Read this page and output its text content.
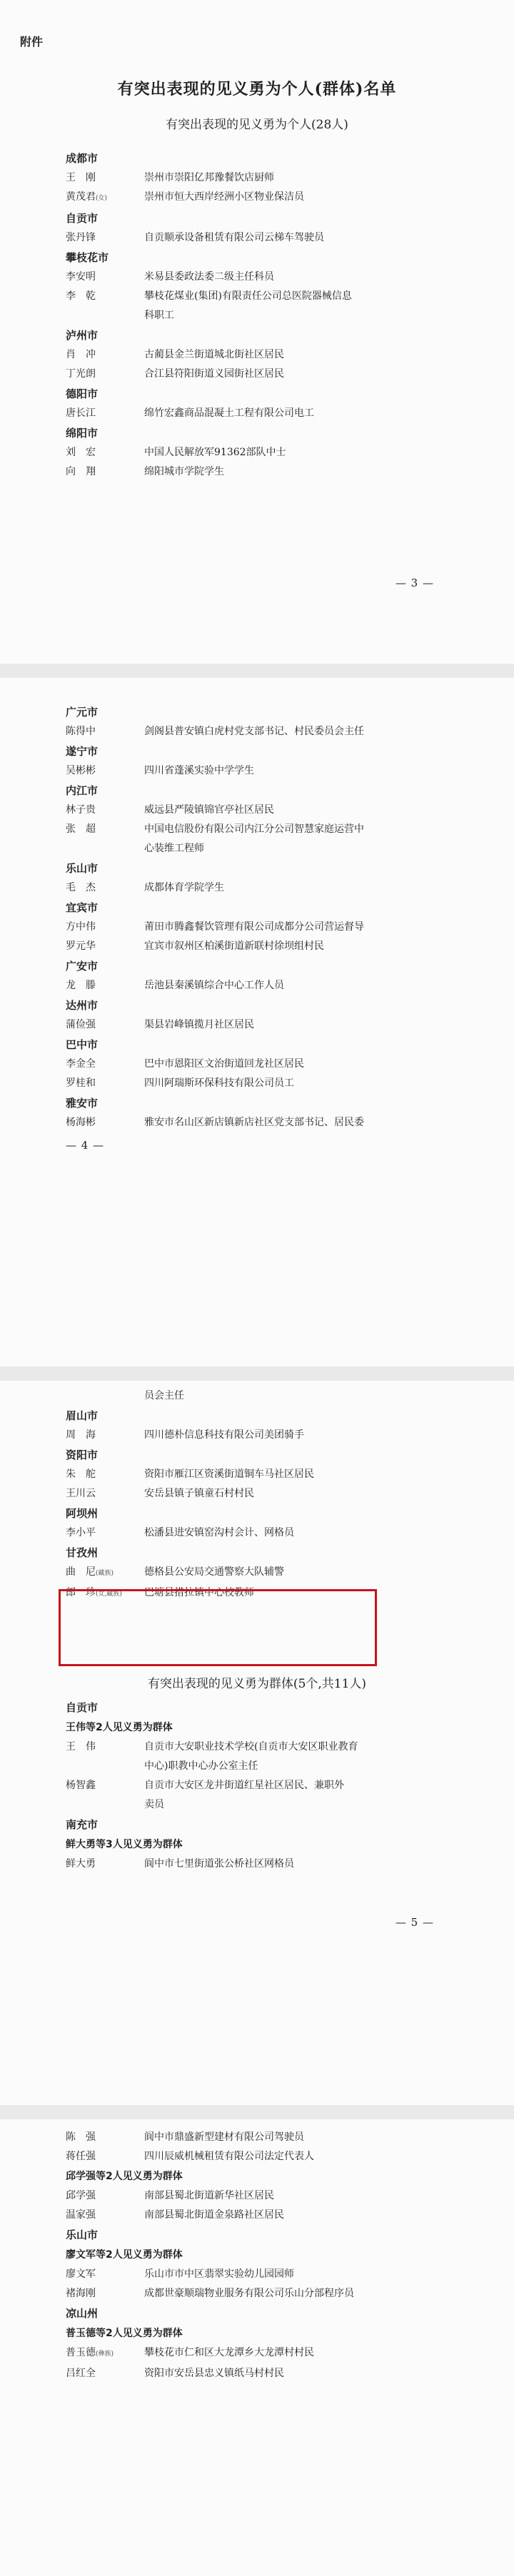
附件
有突出表现的见义勇为个人(群体)名单
有突出表现的见义勇为个人(28人)
成都市
王　刚	崇州市崇阳亿邦豫餐饮店厨师
黄茂君(女)	崇州市恒大西岸经洲小区物业保洁员
自贡市
张丹锋	自贡顺承设备租赁有限公司云梯车驾驶员
攀枝花市
李安明	米易县委政法委二级主任科员
李　乾	攀枝花煤业(集团)有限责任公司总医院器械信息
科职工
泸州市
肖　冲	古蔺县金兰街道城北街社区居民
丁光朗	合江县符阳街道义园街社区居民
德阳市
唐长江	绵竹宏鑫商品混凝土工程有限公司电工
绵阳市
刘　宏	中国人民解放军91362部队中士
向　翔	绵阳城市学院学生
— 3 —
广元市
陈得中	剑阁县普安镇白虎村党支部书记、村民委员会主任
遂宁市
吴彬彬	四川省蓬溪实验中学学生
内江市
林子贵	威远县严陵镇锦官亭社区居民
张　超	中国电信股份有限公司内江分公司智慧家庭运营中
心装维工程师
乐山市
毛　杰	成都体育学院学生
宜宾市
方中伟	莆田市腾鑫餐饮管理有限公司成都分公司营运督导
罗元华	宜宾市叙州区柏溪街道新联村徐坝组村民
广安市
龙　滕	岳池县秦溪镇综合中心工作人员
达州市
蒲俭强	渠县岩峰镇揽月社区居民
巴中市
李金全	巴中市恩阳区文治街道回龙社区居民
罗桂和	四川阿瑞斯环保科技有限公司员工
雅安市
杨海彬	雅安市名山区新店镇新店社区党支部书记、居民委
— 4 —
员会主任
眉山市
周　海	四川德朴信息科技有限公司美团骑手
资阳市
朱　舵	资阳市雁江区资溪街道铜车马社区居民
王川云	安岳县镇子镇童石村村民
阿坝州
李小平	松潘县进安镇窑沟村会计、网格员
甘孜州
曲　尼(藏族)	德格县公安局交通警察大队辅警
郎　珍(女,藏族)	巴塘县措拉镇中心校教师
有突出表现的见义勇为群体(5个,共11人)
自贡市
王伟等2人见义勇为群体
王　伟	自贡市大安职业技术学校(自贡市大安区职业教育
中心)职教中心办公室主任
杨智鑫	自贡市大安区龙井街道红星社区居民、兼职外
卖员
南充市
鲜大勇等3人见义勇为群体
鲜大勇	阆中市七里街道张公桥社区网格员
— 5 —
陈　强	阆中市鼎盛新型建材有限公司驾驶员
蒋任强	四川辰威机械租赁有限公司法定代表人
邱学强等2人见义勇为群体
邱学强	南部县蜀北街道新华社区居民
温家强	南部县蜀北街道金泉路社区居民
乐山市
廖文军等2人见义勇为群体
廖文军	乐山市市中区翡翠实验幼儿园园师
褚海刚	成都世豪顺瑞物业服务有限公司乐山分部程序员
凉山州
普玉德等2人见义勇为群体
普玉德(彝族)	攀枝花市仁和区大龙潭乡大龙潭村村民
吕红全	资阳市安岳县忠义镇纸马村村民
